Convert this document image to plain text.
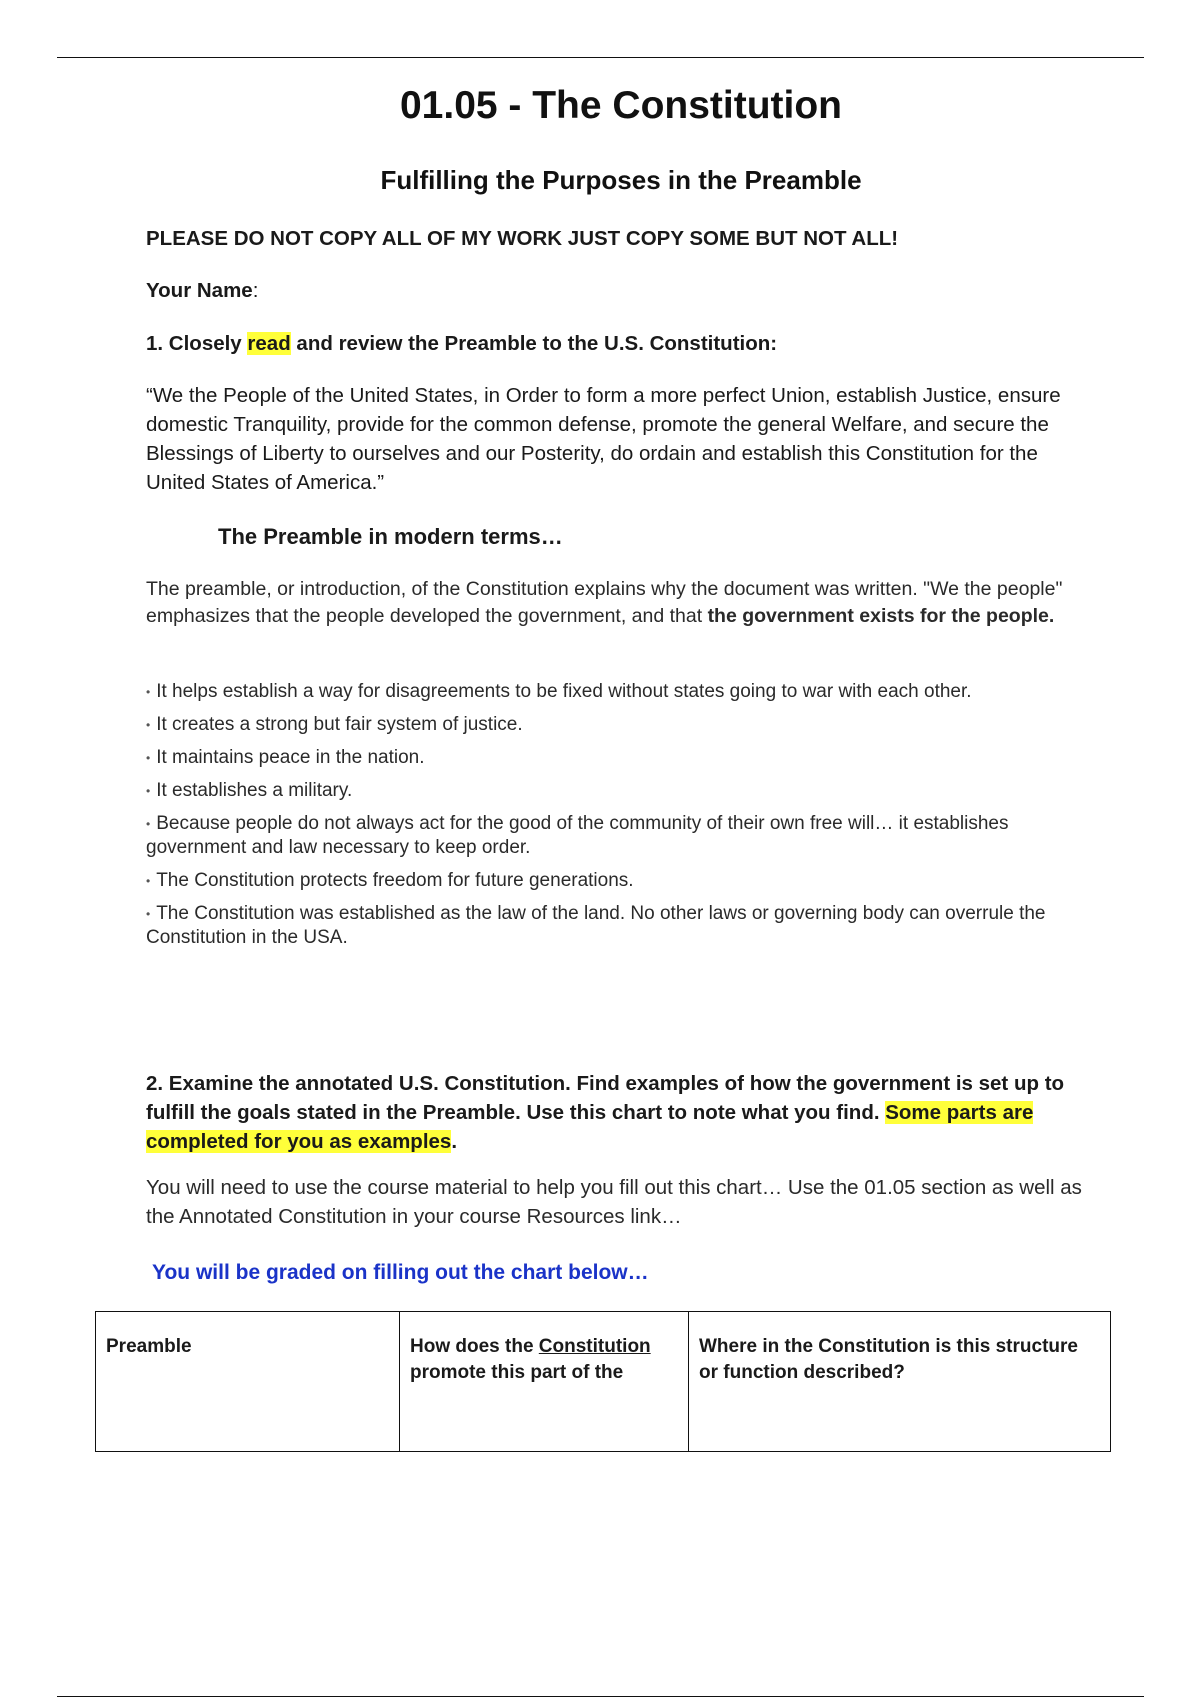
01.05 - The Constitution
Fulfilling the Purposes in the Preamble

PLEASE DO NOT COPY ALL OF MY WORK JUST COPY SOME BUT NOT ALL!

Your Name:

1. Closely read and review the Preamble to the U.S. Constitution:

“We the People of the United States, in Order to form a more perfect Union, establish Justice, ensure domestic Tranquility, provide for the common defense, promote the general Welfare, and secure the Blessings of Liberty to ourselves and our Posterity, do ordain and establish this Constitution for the United States of America.”

The Preamble in modern terms…

The preamble, or introduction, of the Constitution explains why the document was written. "We the people" emphasizes that the people developed the government, and that the government exists for the people.

• It helps establish a way for disagreements to be fixed without states going to war with each other.
• It creates a strong but fair system of justice.
• It maintains peace in the nation.
• It establishes a military.
• Because people do not always act for the good of the community of their own free will… it establishes government and law necessary to keep order.
• The Constitution protects freedom for future generations.
• The Constitution was established as the law of the land. No other laws or governing body can overrule the Constitution in the USA.

2. Examine the annotated U.S. Constitution. Find examples of how the government is set up to fulfill the goals stated in the Preamble. Use this chart to note what you find. Some parts are completed for you as examples.

You will need to use the course material to help you fill out this chart… Use the 01.05 section as well as the Annotated Constitution in your course Resources link…

You will be graded on filling out the chart below…

Preamble	How does the Constitution promote this part of the	Where in the Constitution is this structure or function described?
